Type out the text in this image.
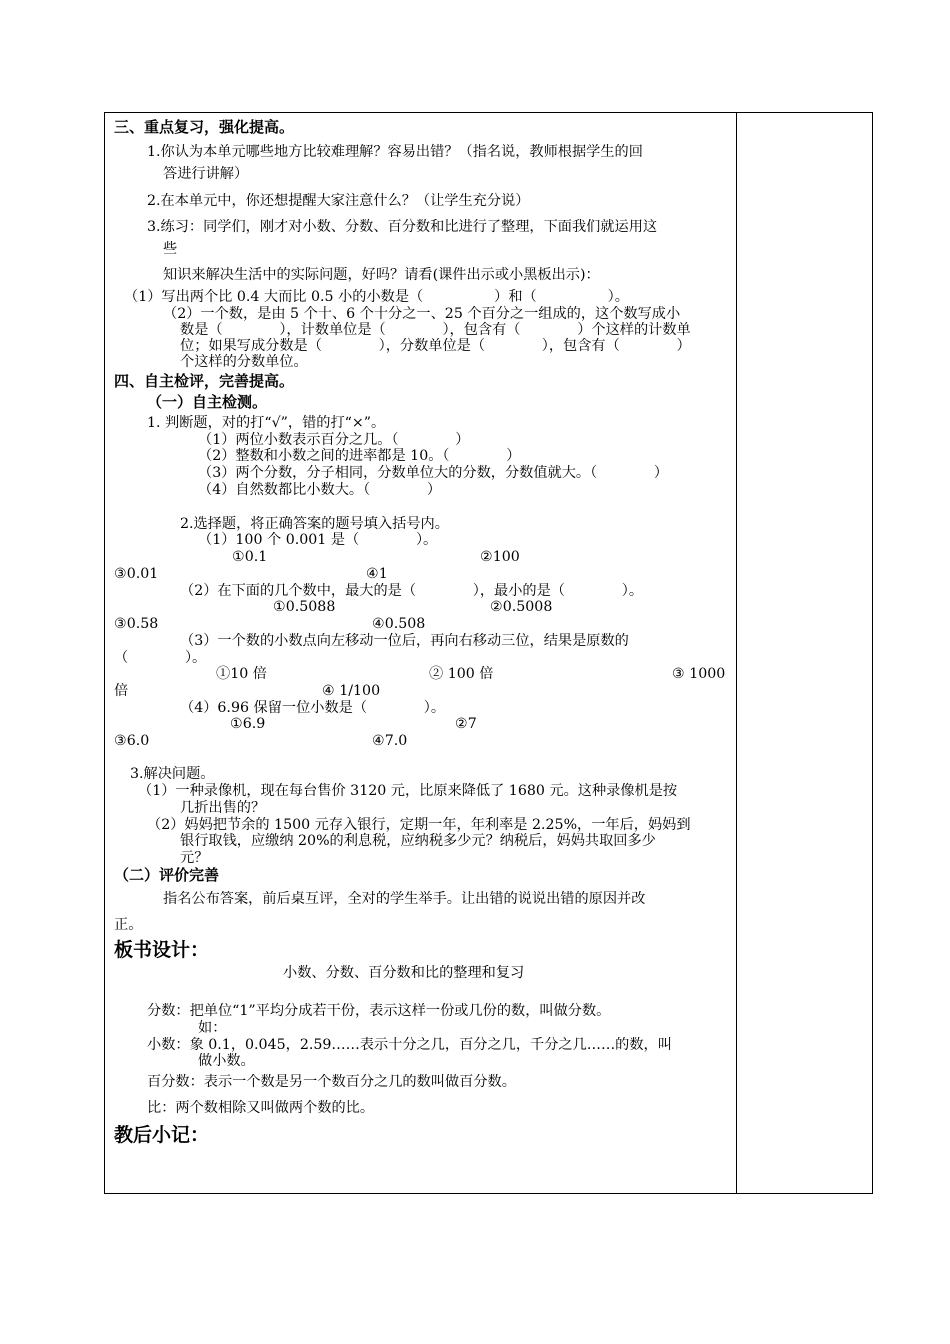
三、重点复习，强化提高。
1.你认为本单元哪些地方比较难理解？容易出错？（指名说，教师根据学生的回
答进行讲解）
2.在本单元中，你还想提醒大家注意什么？（让学生充分说）
3.练习：同学们，刚才对小数、分数、百分数和比进行了整理，下面我们就运用这
些
知识来解决生活中的实际问题，好吗？请看(课件出示或小黑板出示)：
（1）写出两个比 0.4 大而比 0.5 小的小数是（　　　　　）和（　　　　　）。
（2）一个数，是由 5 个十、6 个十分之一、25 个百分之一组成的，这个数写成小
数是（　　　　），计数单位是（　　　　），包含有（　　　　）个这样的计数单
位；如果写成分数是（　　　　），分数单位是（　　　　），包含有（　　　　）
个这样的分数单位。
四、自主检评，完善提高。
（一）自主检测。
1. 判断题，对的打“√”，错的打“×”。
（1）两位小数表示百分之几。（　　　　）
（2）整数和小数之间的进率都是 10。（　　　　）
（3）两个分数，分子相同，分数单位大的分数，分数值就大。（　　　　）
（4）自然数都比小数大。（　　　　）
2.选择题，将正确答案的题号填入括号内。
（1）100 个 0.001 是（　　　　）。
①0.1	②100
③0.01	④1
（2）在下面的几个数中，最大的是（　　　　），最小的是（　　　　）。
①0.5088	②0.5008
③0.58	④0.508
（3）一个数的小数点向左移动一位后，再向右移动三位，结果是原数的
（　　　　）。
①10 倍	② 100 倍	③ 1000
倍	④ 1/100
（4）6.96 保留一位小数是（　　　　）。
①6.9	②7
③6.0	④7.0
3.解决问题。
（1）一种录像机，现在每台售价 3120 元，比原来降低了 1680 元。这种录像机是按
几折出售的？
（2）妈妈把节余的 1500 元存入银行，定期一年，年利率是 2.25%，一年后，妈妈到
银行取钱，应缴纳 20%的利息税，应纳税多少元？纳税后，妈妈共取回多少
元？
（二）评价完善
指名公布答案，前后桌互评，全对的学生举手。让出错的说说出错的原因并改
正。
板书设计：
小数、分数、百分数和比的整理和复习
分数：把单位“1”平均分成若干份，表示这样一份或几份的数，叫做分数。
如：
小数：象 0.1，0.045，2.59……表示十分之几，百分之几，千分之几……的数，叫
做小数。
百分数：表示一个数是另一个数百分之几的数叫做百分数。
比：两个数相除又叫做两个数的比。
教后小记：
